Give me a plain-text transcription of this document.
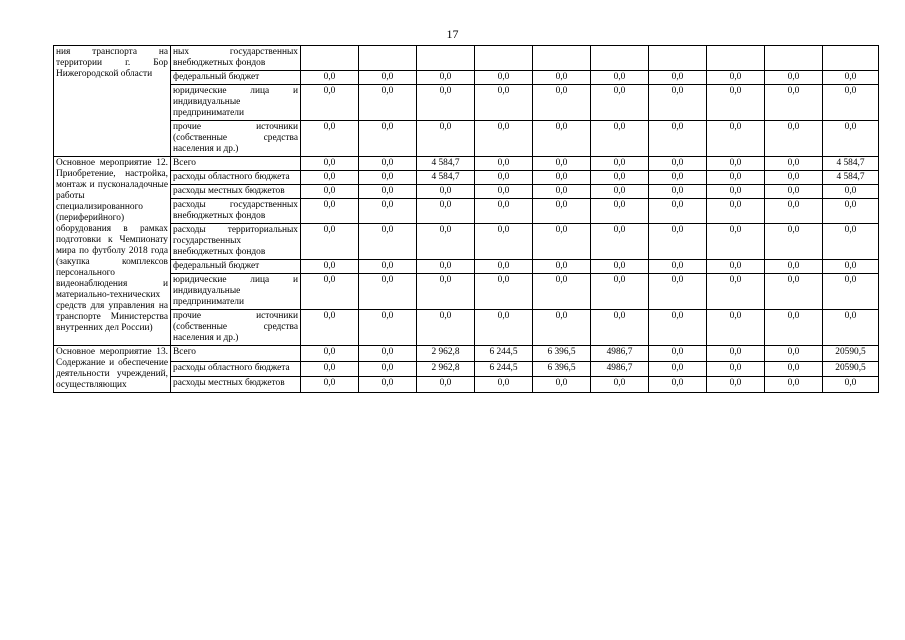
17
ния транспорта на территории г. Бор Нижегородской области	ных государственных внебюджетных фондов										
	федеральный бюджет	0,0	0,0	0,0	0,0	0,0	0,0	0,0	0,0	0,0	0,0
	юридические лица и индивидуальные предприниматели	0,0	0,0	0,0	0,0	0,0	0,0	0,0	0,0	0,0	0,0
	прочие источники (собственные средства населения и др.)	0,0	0,0	0,0	0,0	0,0	0,0	0,0	0,0	0,0	0,0
Основное мероприятие 12. Приобретение, настройка, монтаж и пусконаладочные работы специализированного (периферийного) оборудования в рамках подготовки к Чемпионату мира по футболу 2018 года (закупка комплексов персонального видеонаблюдения и материально-технических средств для управления на транспорте Министерства внутренних дел России)	Всего	0,0	0,0	4 584,7	0,0	0,0	0,0	0,0	0,0	0,0	4 584,7
	расходы областного бюджета	0,0	0,0	4 584,7	0,0	0,0	0,0	0,0	0,0	0,0	4 584,7
	расходы местных бюджетов	0,0	0,0	0,0	0,0	0,0	0,0	0,0	0,0	0,0	0,0
	расходы государственных внебюджетных фондов	0,0	0,0	0,0	0,0	0,0	0,0	0,0	0,0	0,0	0,0
	расходы территориальных государственных внебюджетных фондов	0,0	0,0	0,0	0,0	0,0	0,0	0,0	0,0	0,0	0,0
	федеральный бюджет	0,0	0,0	0,0	0,0	0,0	0,0	0,0	0,0	0,0	0,0
	юридические лица и индивидуальные предприниматели	0,0	0,0	0,0	0,0	0,0	0,0	0,0	0,0	0,0	0,0
	прочие источники (собственные средства населения и др.)	0,0	0,0	0,0	0,0	0,0	0,0	0,0	0,0	0,0	0,0
Основное мероприятие 13. Содержание и обеспечение деятельности учреждений, осуществляющих	Всего	0,0	0,0	2 962,8	6 244,5	6 396,5	4986,7	0,0	0,0	0,0	20590,5
	расходы областного бюджета	0,0	0,0	2 962,8	6 244,5	6 396,5	4986,7	0,0	0,0	0,0	20590,5
	расходы местных бюджетов	0,0	0,0	0,0	0,0	0,0	0,0	0,0	0,0	0,0	0,0
